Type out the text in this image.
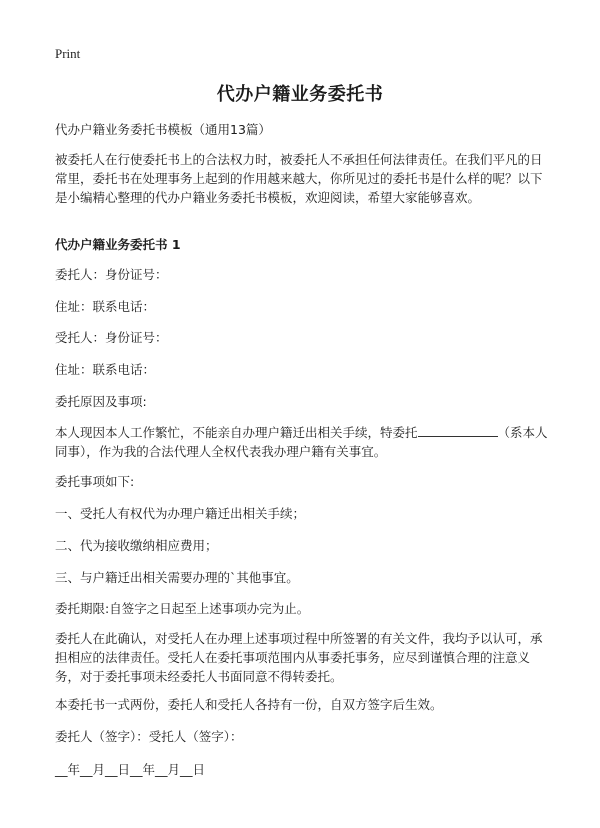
Print
代办户籍业务委托书

代办户籍业务委托书模板（通用13篇）

被委托人在行使委托书上的合法权力时，被委托人不承担任何法律责任。在我们平凡的日常里，委托书在处理事务上起到的作用越来越大，你所见过的委托书是什么样的呢？以下是小编精心整理的代办户籍业务委托书模板，欢迎阅读，希望大家能够喜欢。

代办户籍业务委托书 1

委托人：身份证号：

住址：联系电话：

受托人：身份证号：

住址：联系电话：

委托原因及事项:

本人现因本人工作繁忙，不能亲自办理户籍迁出相关手续，特委托	（系本人同事），作为我的合法代理人全权代表我办理户籍有关事宜。

委托事项如下:

一、受托人有权代为办理户籍迁出相关手续；

二、代为接收缴纳相应费用；

三、与户籍迁出相关需要办理的`其他事宜。

委托期限:自签字之日起至上述事项办完为止。

委托人在此确认，对受托人在办理上述事项过程中所签署的有关文件，我均予以认可，承担相应的法律责任。受托人在委托事项范围内从事委托事务，应尽到谨慎合理的注意义务，对于委托事项未经委托人书面同意不得转委托。

本委托书一式两份，委托人和受托人各持有一份，自双方签字后生效。

委托人（签字）：受托人（签字）：

__年__月__日__年__月__日
